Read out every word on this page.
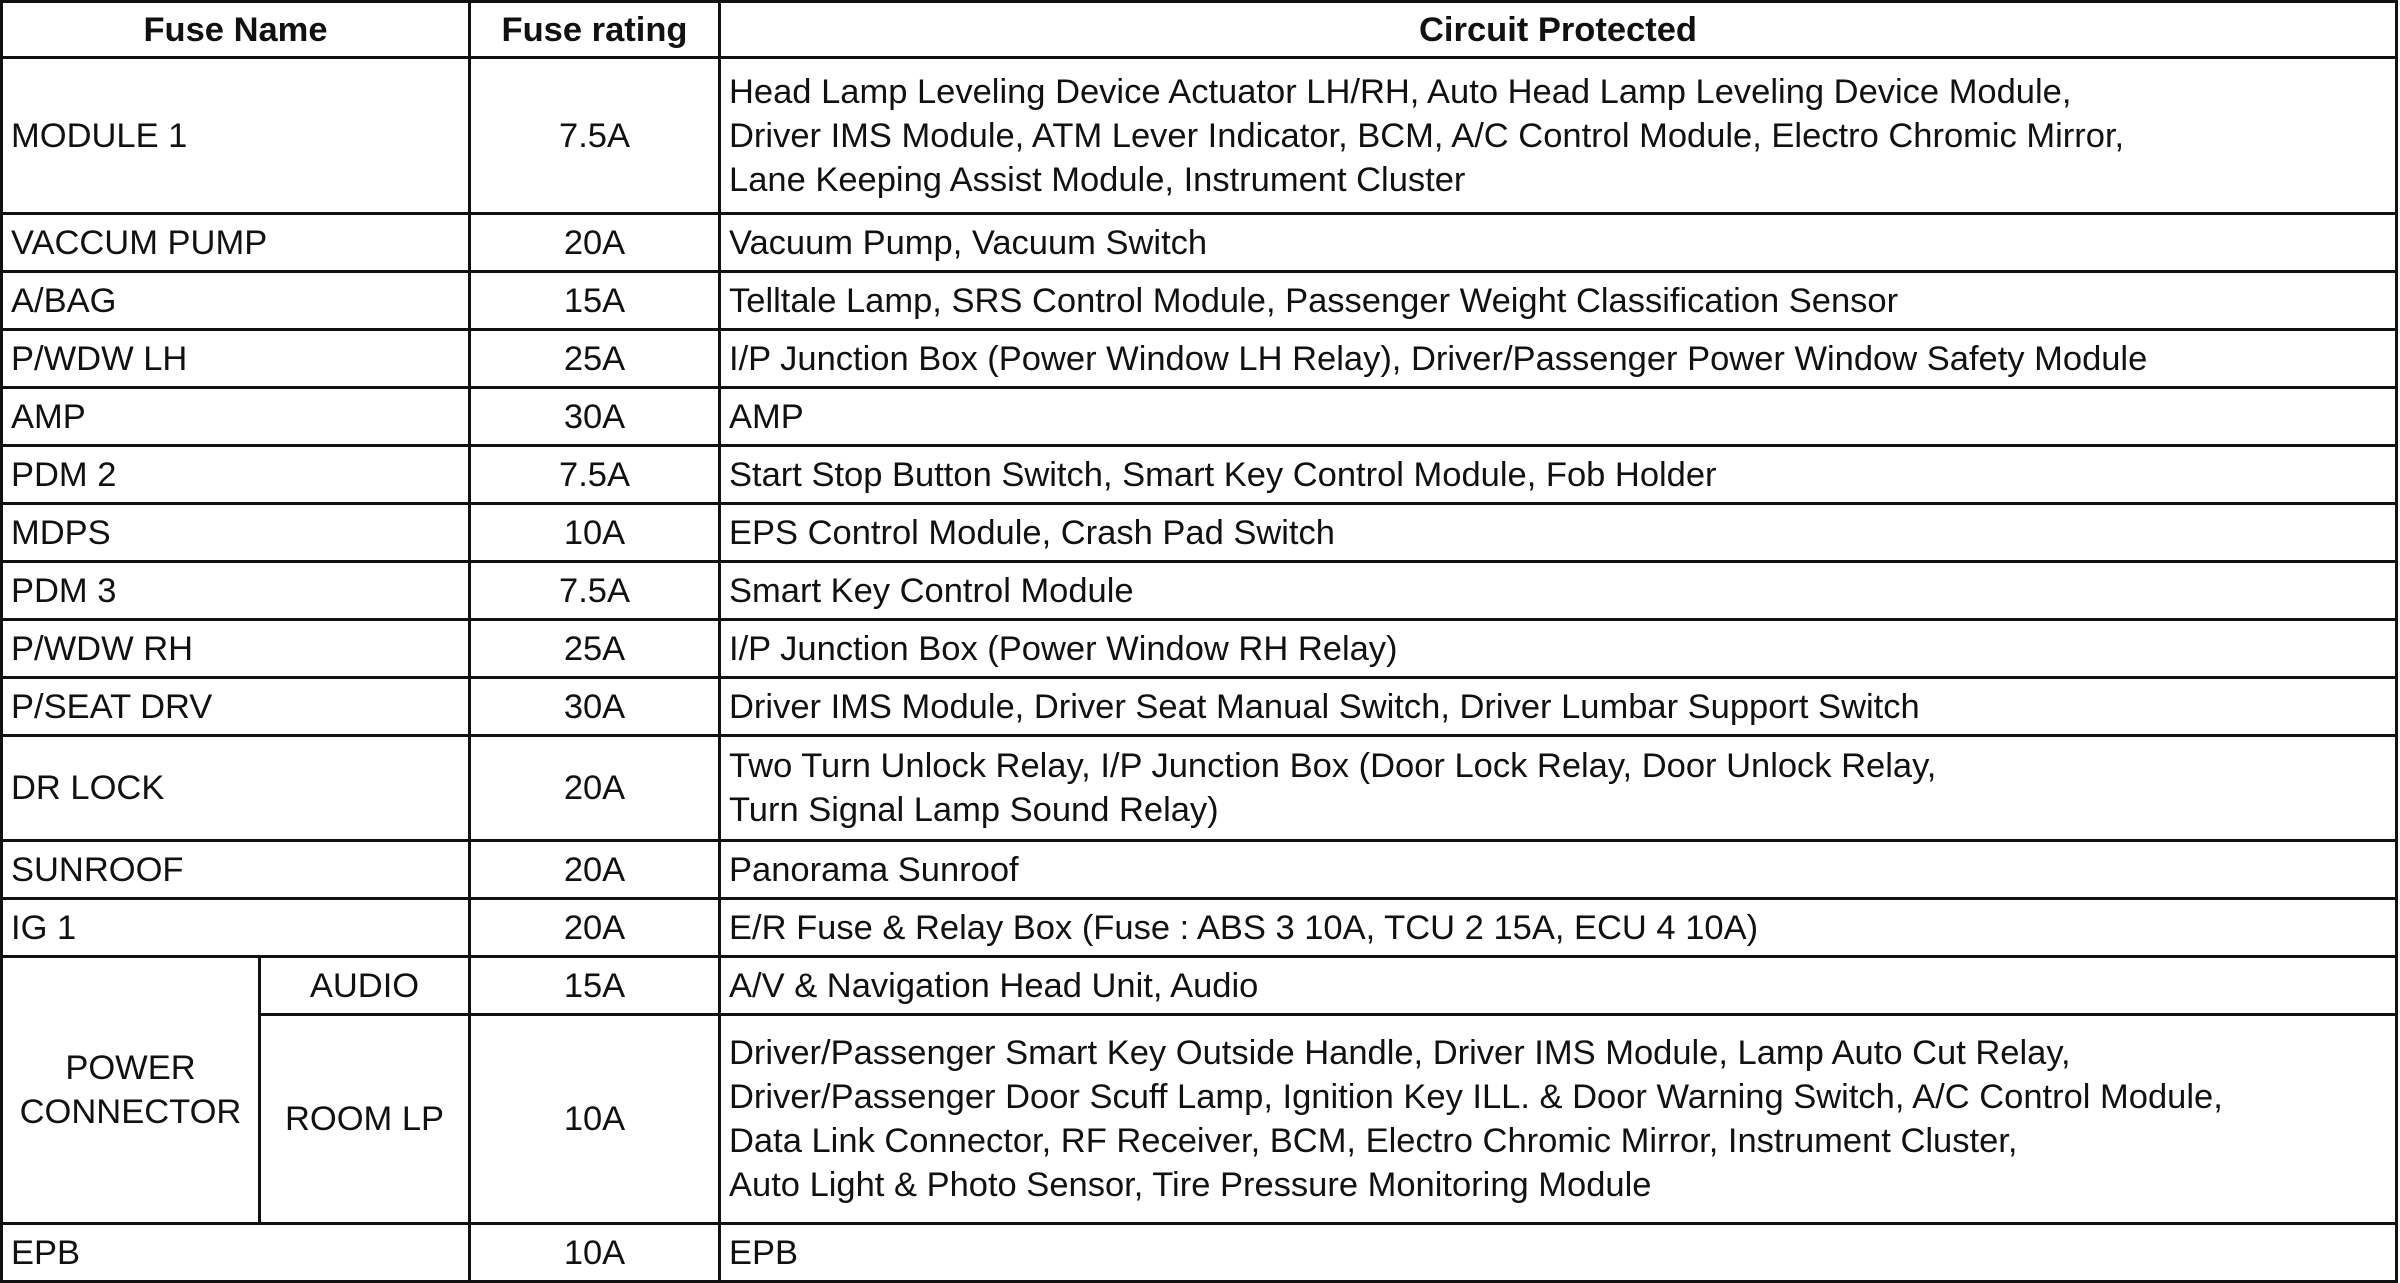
Fuse Name		Fuse rating	Circuit Protected
MODULE 1		7.5A	Head Lamp Leveling Device Actuator LH/RH, Auto Head Lamp Leveling Device Module,
Driver IMS Module, ATM Lever Indicator, BCM, A/C Control Module, Electro Chromic Mirror,
Lane Keeping Assist Module, Instrument Cluster

VACCUM PUMP		20A	Vacuum Pump, Vacuum Switch
A/BAG		15A	Telltale Lamp, SRS Control Module, Passenger Weight Classification Sensor
P/WDW LH		25A	I/P Junction Box (Power Window LH Relay), Driver/Passenger Power Window Safety Module
AMP		30A	AMP
PDM 2		7.5A	Start Stop Button Switch, Smart Key Control Module, Fob Holder
MDPS		10A	EPS Control Module, Crash Pad Switch
PDM 3		7.5A	Smart Key Control Module
P/WDW RH		25A	I/P Junction Box (Power Window RH Relay)
P/SEAT DRV		30A	Driver IMS Module, Driver Seat Manual Switch, Driver Lumbar Support Switch
DR LOCK		20A	Two Turn Unlock Relay, I/P Junction Box (Door Lock Relay, Door Unlock Relay,
Turn Signal Lamp Sound Relay)

SUNROOF		20A	Panorama Sunroof
IG 1		20A	E/R Fuse & Relay Box (Fuse : ABS 3 10A, TCU 2 15A, ECU 4 10A)

POWER
CONNECTOR	AUDIO	15A	A/V & Navigation Head Unit, Audio
	ROOM LP	10A	Driver/Passenger Smart Key Outside Handle, Driver IMS Module, Lamp Auto Cut Relay,
Driver/Passenger Door Scuff Lamp, Ignition Key ILL. & Door Warning Switch, A/C Control Module,
Data Link Connector, RF Receiver, BCM, Electro Chromic Mirror, Instrument Cluster,
Auto Light & Photo Sensor, Tire Pressure Monitoring Module

EPB		10A	EPB
